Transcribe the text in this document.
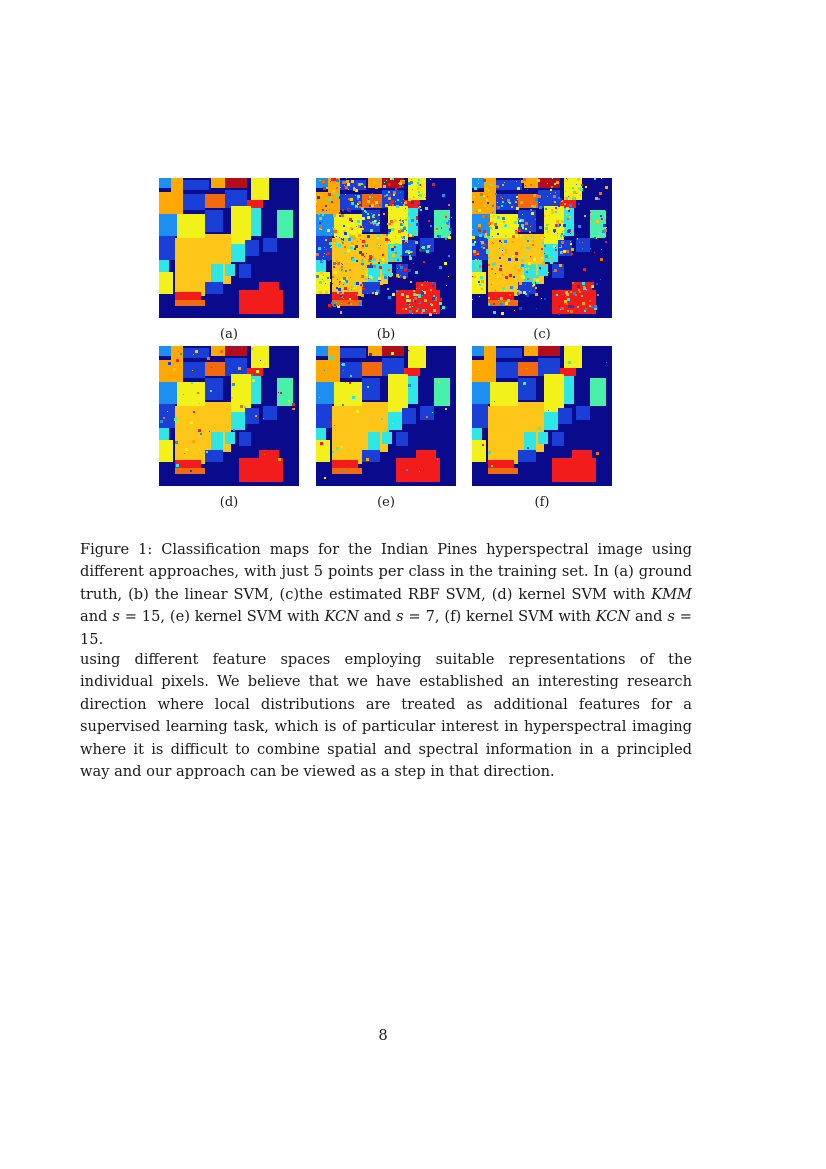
(a)	(b)	(c)
(d)	(e)	(f)
Figure 1: Classification maps for the Indian Pines hyperspectral image using different approaches, with just 5 points per class in the training set. In (a) ground truth, (b) the linear SVM, (c)the estimated RBF SVM, (d) kernel SVM with KMM and s = 15, (e) kernel SVM with KCN and s = 7, (f) kernel SVM with KCN and s = 15.
using different feature spaces employing suitable representations of the individual pixels. We believe that we have established an interesting research direction where local distributions are treated as additional features for a supervised learning task, which is of particular interest in hyperspectral imaging where it is difficult to combine spatial and spectral information in a principled way and our approach can be viewed as a step in that direction.
8
